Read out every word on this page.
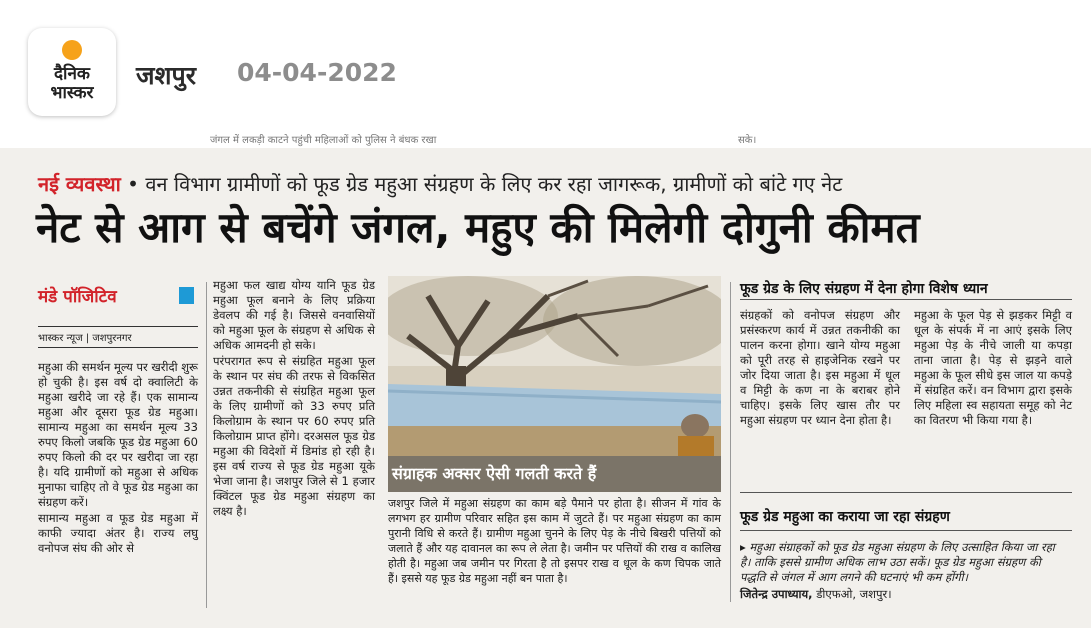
दैनिक
भास्कर
जशपुर 04-04-2022
जंगल में लकड़ी काटने पहुंची महिलाओं को पुलिस ने बंधक रखा	सके।
नई व्यवस्था • वन विभाग ग्रामीणों को फूड ग्रेड महुआ संग्रहण के लिए कर रहा जागरूक, ग्रामीणों को बांटे गए नेट
नेट से आग से बचेंगे जंगल, महुए की मिलेगी दोगुनी कीमत
मंडे पॉजिटिव
भास्कर न्यूज | जशपुरनगर

महुआ की समर्थन मूल्य पर खरीदी शुरू हो चुकी है। इस वर्ष दो क्वालिटी के महुआ खरीदे जा रहे हैं। एक सामान्य महुआ और दूसरा फूड ग्रेड महुआ। सामान्य महुआ का समर्थन मूल्य 33 रुपए किलो जबकि फूड ग्रेड महुआ 60 रुपए किलो की दर पर खरीदा जा रहा है। यदि ग्रामीणों को महुआ से अधिक मुनाफा चाहिए तो वे फूड ग्रेड महुआ का संग्रहण करें।

सामान्य महुआ व फूड ग्रेड महुआ में काफी ज्यादा अंतर है। राज्य लघु वनोपज संघ की ओर से

महुआ फल खाद्य योग्य यानि फूड ग्रेड महुआ फूल बनाने के लिए प्रक्रिया डेवलप की गई है। जिससे वनवासियों को महुआ फूल के संग्रहण से अधिक से अधिक आमदनी हो सके।

परंपरागत रूप से संग्रहित महुआ फूल के स्थान पर संघ की तरफ से विकसित उन्नत तकनीकी से संग्रहित महुआ फूल के लिए ग्रामीणों को 33 रुपए प्रति किलोग्राम के स्थान पर 60 रुपए प्रति किलोग्राम प्राप्त होंगे। दरअसल फूड ग्रेड महुआ की विदेशों में डिमांड हो रही है। इस वर्ष राज्य से फूड ग्रेड महुआ यूके भेजा जाना है। जशपुर जिले से 1 हजार क्विंटल फूड ग्रेड महुआ संग्रहण का लक्ष्य है।

संग्राहक अक्सर ऐसी गलती करते हैं
जशपुर जिले में महुआ संग्रहण का काम बड़े पैमाने पर होता है। सीजन में गांव के लगभग हर ग्रामीण परिवार सहित इस काम में जुटते हैं। पर महुआ संग्रहण का काम पुरानी विधि से करते हैं। ग्रामीण महुआ चुनने के लिए पेड़ के नीचे बिखरी पत्तियों को जलाते हैं और यह दावानल का रूप ले लेता है। जमीन पर पत्तियों की राख व कालिख होती है। महुआ जब जमीन पर गिरता है तो इसपर राख व धूल के कण चिपक जाते हैं। इससे यह फूड ग्रेड महुआ नहीं बन पाता है।
फूड ग्रेड के लिए संग्रहण में देना होगा विशेष ध्यान
संग्रहकों को वनोपज संग्रहण और प्रसंस्करण कार्य में उन्नत तकनीकी का पालन करना होगा। खाने योग्य महुआ को पूरी तरह से हाइजेनिक रखने पर जोर दिया जाता है। इस महुआ में धूल व मिट्टी के कण ना के बराबर होने चाहिए। इसके लिए खास तौर पर महुआ संग्रहण पर ध्यान देना होता है।
महुआ के फूल पेड़ से झड़कर मिट्टी व धूल के संपर्क में ना आएं इसके लिए महुआ पेड़ के नीचे जाली या कपड़ा ताना जाता है। पेड़ से झड़ने वाले महुआ के फूल सीधे इस जाल या कपड़े में संग्रहित करें। वन विभाग द्वारा इसके लिए महिला स्व सहायता समूह को नेट का वितरण भी किया गया है।
फूड ग्रेड महुआ का कराया जा रहा संग्रहण
▸ महुआ संग्राहकों को फूड ग्रेड महुआ संग्रहण के लिए उत्साहित किया जा रहा है। ताकि इससे ग्रामीण अधिक लाभ उठा सकें। फूड ग्रेड महुआ संग्रहण की पद्धति से जंगल में आग लगने की घटनाएं भी कम होंगी।
जितेन्द्र उपाध्याय, डीएफओ, जशपुर।
